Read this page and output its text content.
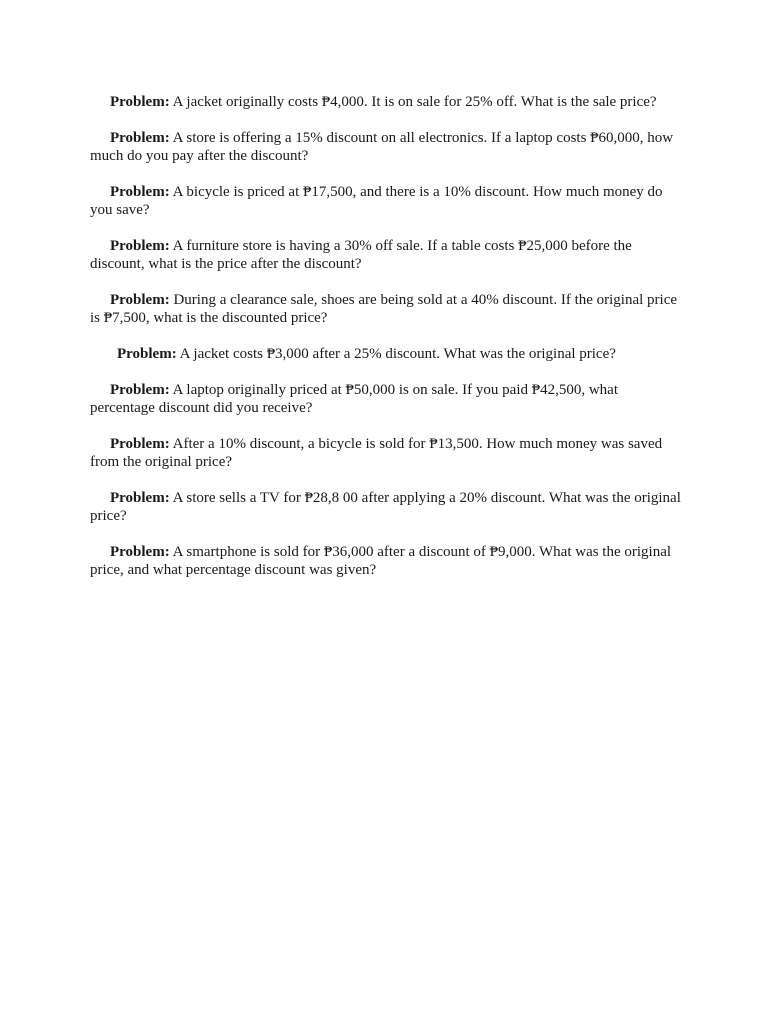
Problem: A jacket originally costs ₱4,000. It is on sale for 25% off. What is the sale price?

Problem: A store is offering a 15% discount on all electronics. If a laptop costs ₱60,000, how much do you pay after the discount?

Problem: A bicycle is priced at ₱17,500, and there is a 10% discount. How much money do you save?

Problem: A furniture store is having a 30% off sale. If a table costs ₱25,000 before the discount, what is the price after the discount?

Problem: During a clearance sale, shoes are being sold at a 40% discount. If the original price is ₱7,500, what is the discounted price?

Problem: A jacket costs ₱3,000 after a 25% discount. What was the original price?

Problem: A laptop originally priced at ₱50,000 is on sale. If you paid ₱42,500, what percentage discount did you receive?

Problem: After a 10% discount, a bicycle is sold for ₱13,500. How much money was saved from the original price?

Problem: A store sells a TV for ₱28,8 00 after applying a 20% discount. What was the original price?

Problem: A smartphone is sold for ₱36,000 after a discount of ₱9,000. What was the original price, and what percentage discount was given?
